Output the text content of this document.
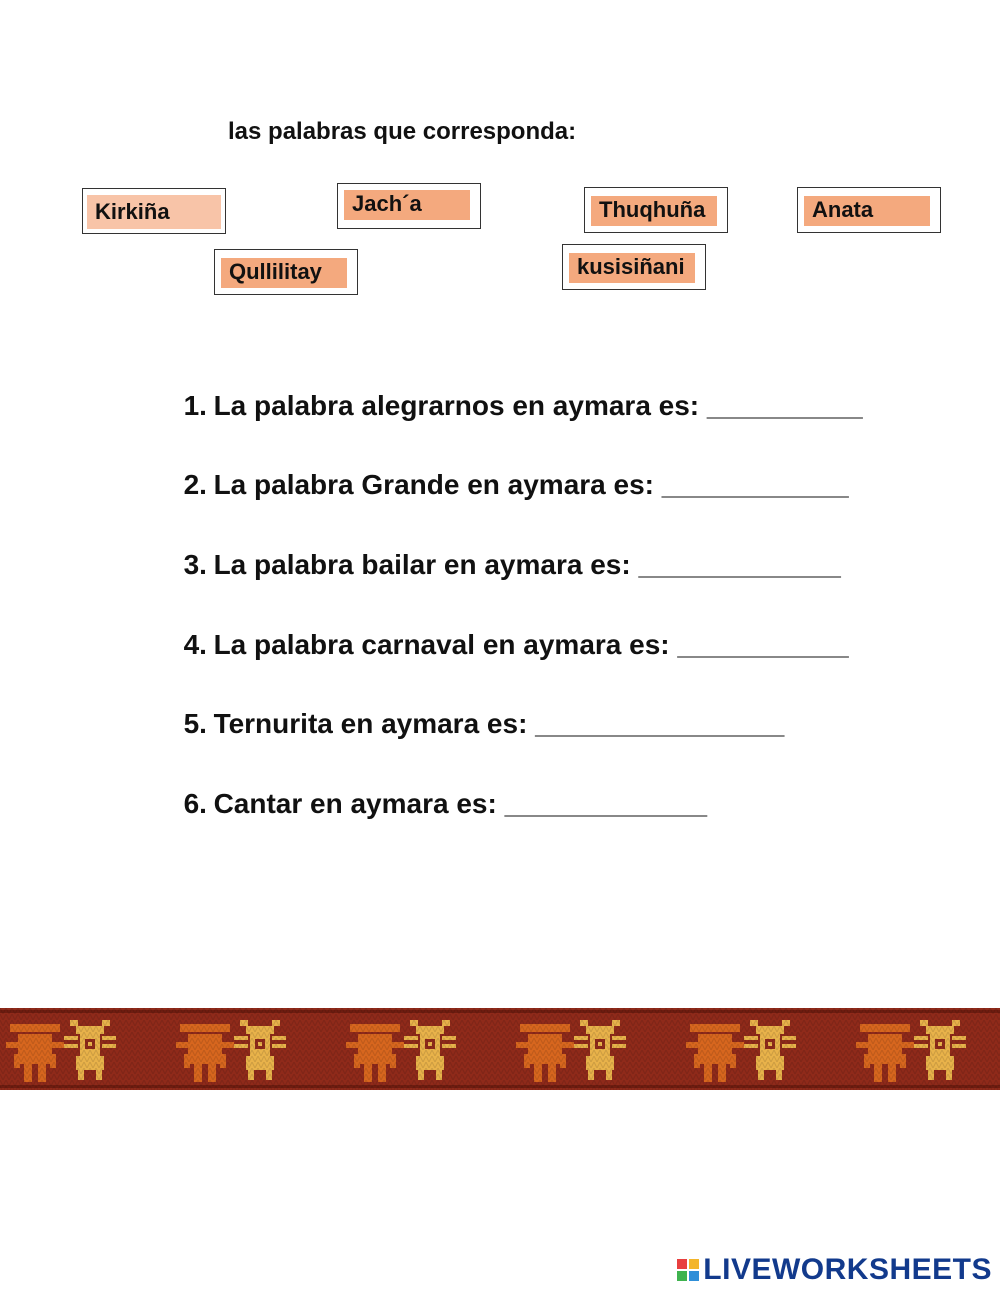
las palabras que corresponda:
Kirkiña	Jach´a	Thuqhuña	Anata
Qullilitay	kusisiñani

1. La palabra alegrarnos en aymara es: __________

2. La palabra Grande en aymara es: ____________

3. La palabra bailar en aymara es: _____________

4. La palabra carnaval en aymara es: ___________

5. Ternurita en aymara es: ________________

6. Cantar en aymara es: _____________

LIVEWORKSHEETS
